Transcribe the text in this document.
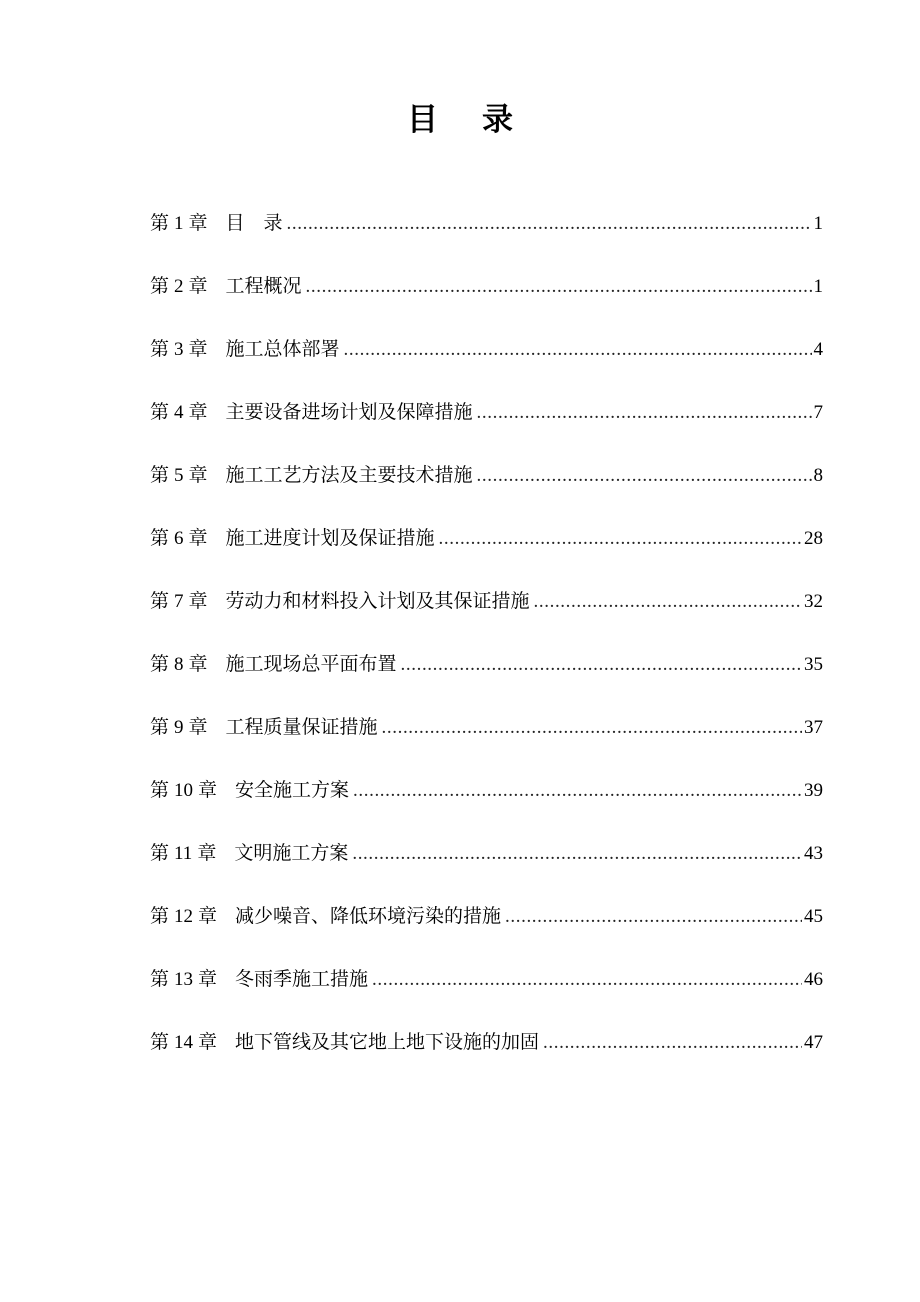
目 录
第 1 章 目　录 .....	1
第 2 章 工程概况 .....	1
第 3 章 施工总体部署 .....	4
第 4 章 主要设备进场计划及保障措施 .....	7
第 5 章 施工工艺方法及主要技术措施 .....	8
第 6 章 施工进度计划及保证措施 .....	28
第 7 章 劳动力和材料投入计划及其保证措施 .....	32
第 8 章 施工现场总平面布置 .....	35
第 9 章 工程质量保证措施 .....	37
第 10 章 安全施工方案 .....	39
第 11 章 文明施工方案 .....	43
第 12 章 减少噪音、降低环境污染的措施 .....	45
第 13 章 冬雨季施工措施 .....	46
第 14 章 地下管线及其它地上地下设施的加固 .....	47
